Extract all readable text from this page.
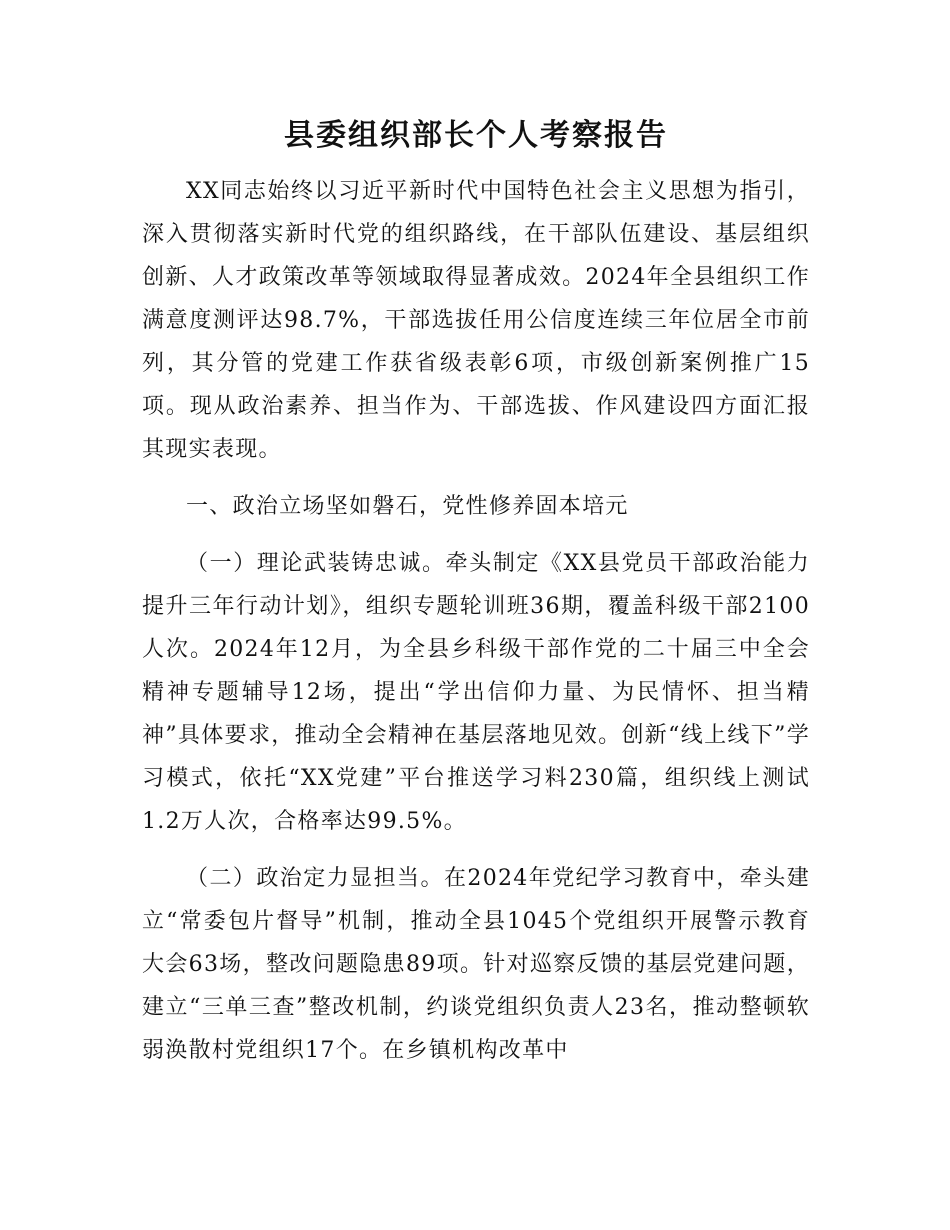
县委组织部长个人考察报告

XX同志始终以习近平新时代中国特色社会主义思想为指引，深入贯彻落实新时代党的组织路线，在干部队伍建设、基层组织创新、人才政策改革等领域取得显著成效。2024年全县组织工作满意度测评达98.7%，干部选拔任用公信度连续三年位居全市前列，其分管的党建工作获省级表彰6项，市级创新案例推广15项。现从政治素养、担当作为、干部选拔、作风建设四方面汇报其现实表现。

一、政治立场坚如磐石，党性修养固本培元

（一）理论武装铸忠诚。牵头制定《XX县党员干部政治能力提升三年行动计划》，组织专题轮训班36期，覆盖科级干部2100人次。2024年12月，为全县乡科级干部作党的二十届三中全会精神专题辅导12场，提出“学出信仰力量、为民情怀、担当精神”具体要求，推动全会精神在基层落地见效。创新“线上线下”学习模式，依托“XX党建”平台推送学习料230篇，组织线上测试1.2万人次，合格率达99.5%。

（二）政治定力显担当。在2024年党纪学习教育中，牵头建立“常委包片督导”机制，推动全县1045个党组织开展警示教育大会63场，整改问题隐患89项。针对巡察反馈的基层党建问题，建立“三单三查”整改机制，约谈党组织负责人23名，推动整顿软弱涣散村党组织17个。在乡镇机构改革中
